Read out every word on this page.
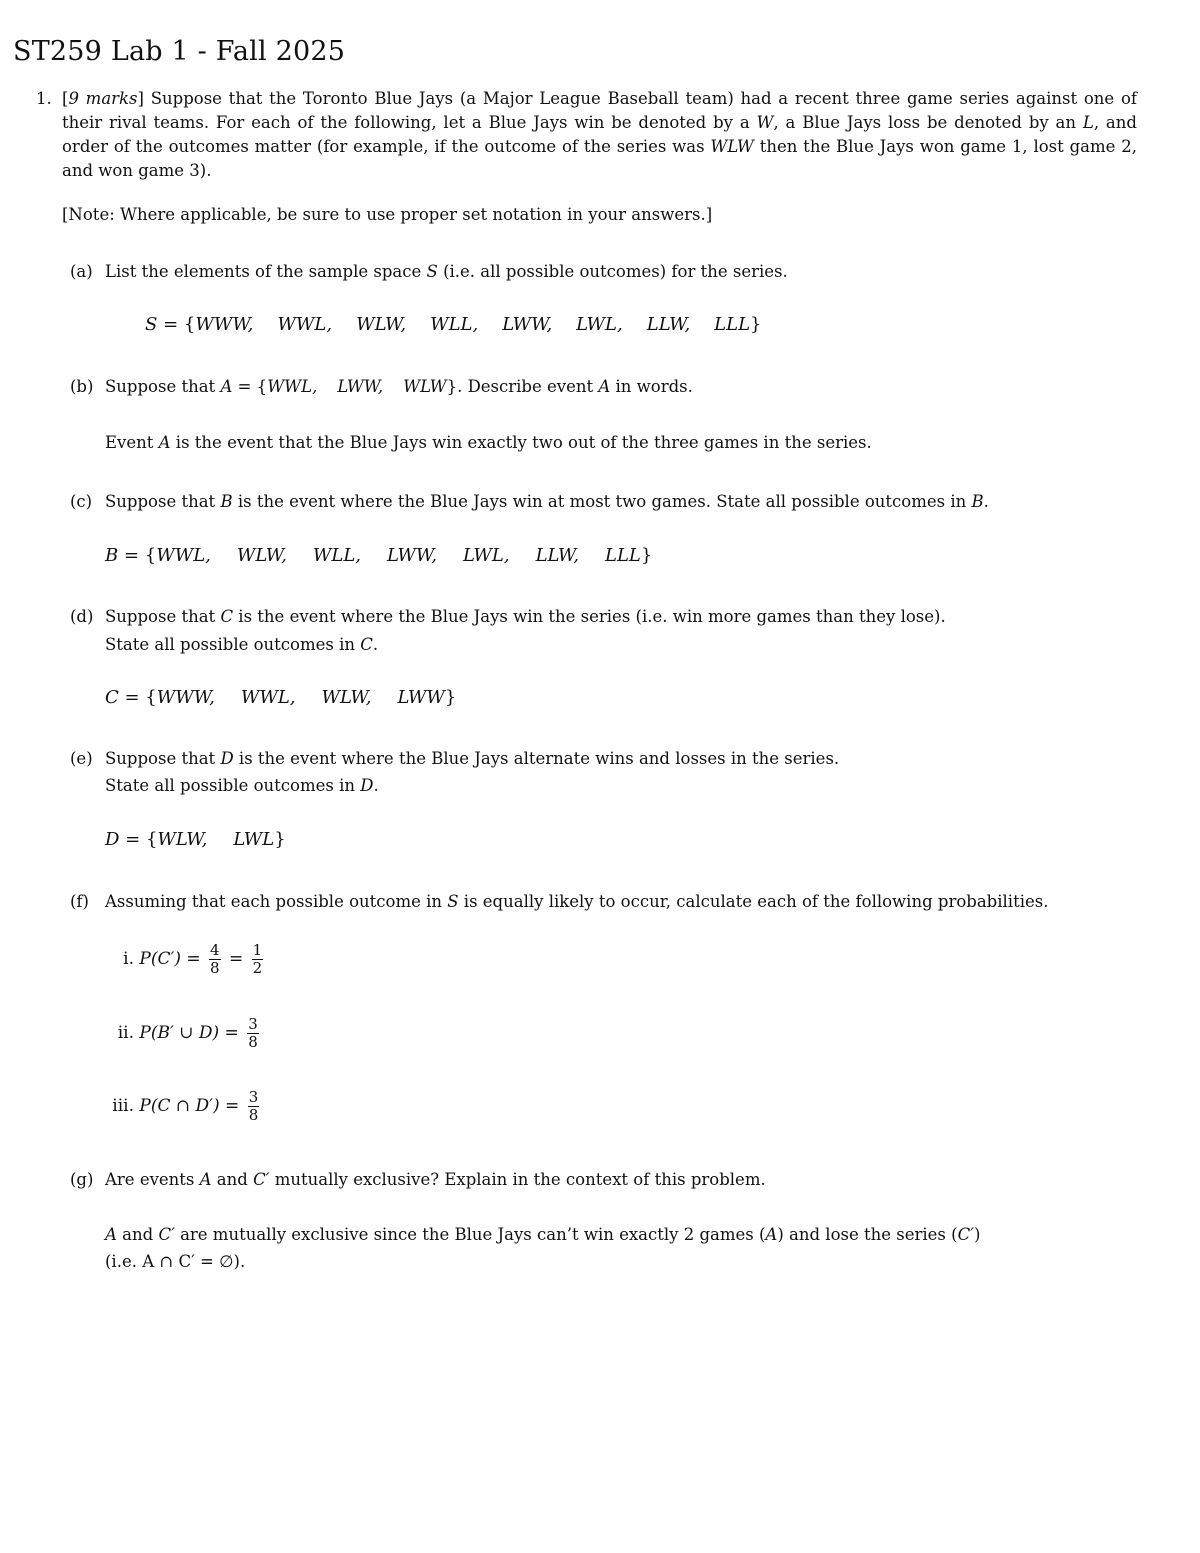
ST259 Lab 1 - Fall 2025
1. [9 marks] Suppose that the Toronto Blue Jays (a Major League Baseball team) had a recent three game series against one of their rival teams. For each of the following, let a Blue Jays win be denoted by a W, a Blue Jays loss be denoted by an L, and order of the outcomes matter (for example, if the outcome of the series was WLW then the Blue Jays won game 1, lost game 2, and won game 3).
[Note: Where applicable, be sure to use proper set notation in your answers.]
(a) List the elements of the sample space S (i.e. all possible outcomes) for the series.
S = {WWW, WWL, WLW, WLL, LWW, LWL, LLW, LLL}
(b) Suppose that A = {WWL, LWW, WLW}. Describe event A in words.
Event A is the event that the Blue Jays win exactly two out of the three games in the series.
(c) Suppose that B is the event where the Blue Jays win at most two games. State all possible outcomes in B.
B = {WWL, WLW, WLL, LWW, LWL, LLW, LLL}
(d) Suppose that C is the event where the Blue Jays win the series (i.e. win more games than they lose).
State all possible outcomes in C.
C = {WWW, WWL, WLW, LWW}
(e) Suppose that D is the event where the Blue Jays alternate wins and losses in the series.
State all possible outcomes in D.
D = {WLW, LWL}
(f) Assuming that each possible outcome in S is equally likely to occur, calculate each of the following probabilities.
i. $P(C') = \frac{4}{8} = \frac{1}{2}$
ii. P(B′ ∪ $D) = \frac{3}{8}$
iii. P(C ∩ $D') = \frac{3}{8}$
(g) Are events A and C′ mutually exclusive? Explain in the context of this problem.
A and C′ are mutually exclusive since the Blue Jays can’t win exactly 2 games (A) and lose the series (C′)
(i.e. A ∩ C′ = ∅).
